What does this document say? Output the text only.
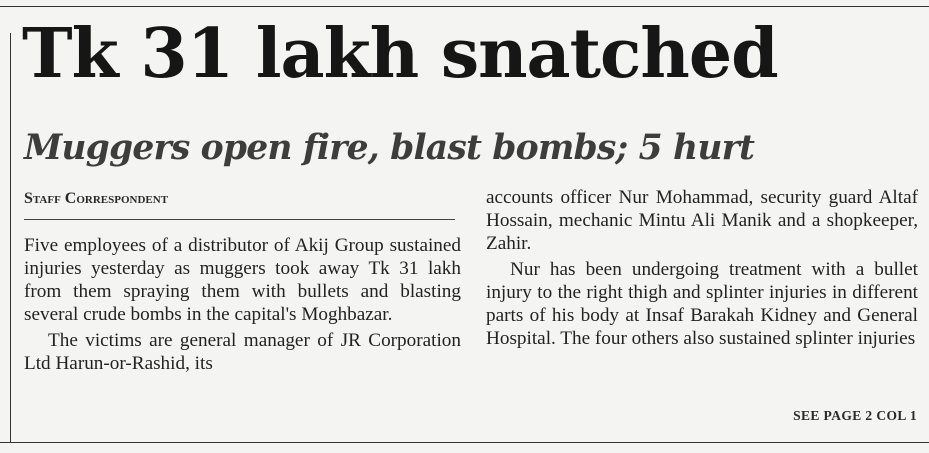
Tk 31 lakh snatched
Muggers open fire, blast bombs; 5 hurt
Staff Correspondent

Five employees of a distributor of Akij Group sustained injuries yesterday as muggers took away Tk 31 lakh from them spraying them with bullets and blasting several crude bombs in the capital's Moghbazar.

The victims are general manager of JR Corporation Ltd Harun-or-Rashid, its

accounts officer Nur Mohammad, security guard Altaf Hossain, mechanic Mintu Ali Manik and a shopkeeper, Zahir.

Nur has been undergoing treatment with a bullet injury to the right thigh and splinter injuries in different parts of his body at Insaf Barakah Kidney and General Hospital. The four others also sustained splinter injuries

SEE PAGE 2 COL 1
